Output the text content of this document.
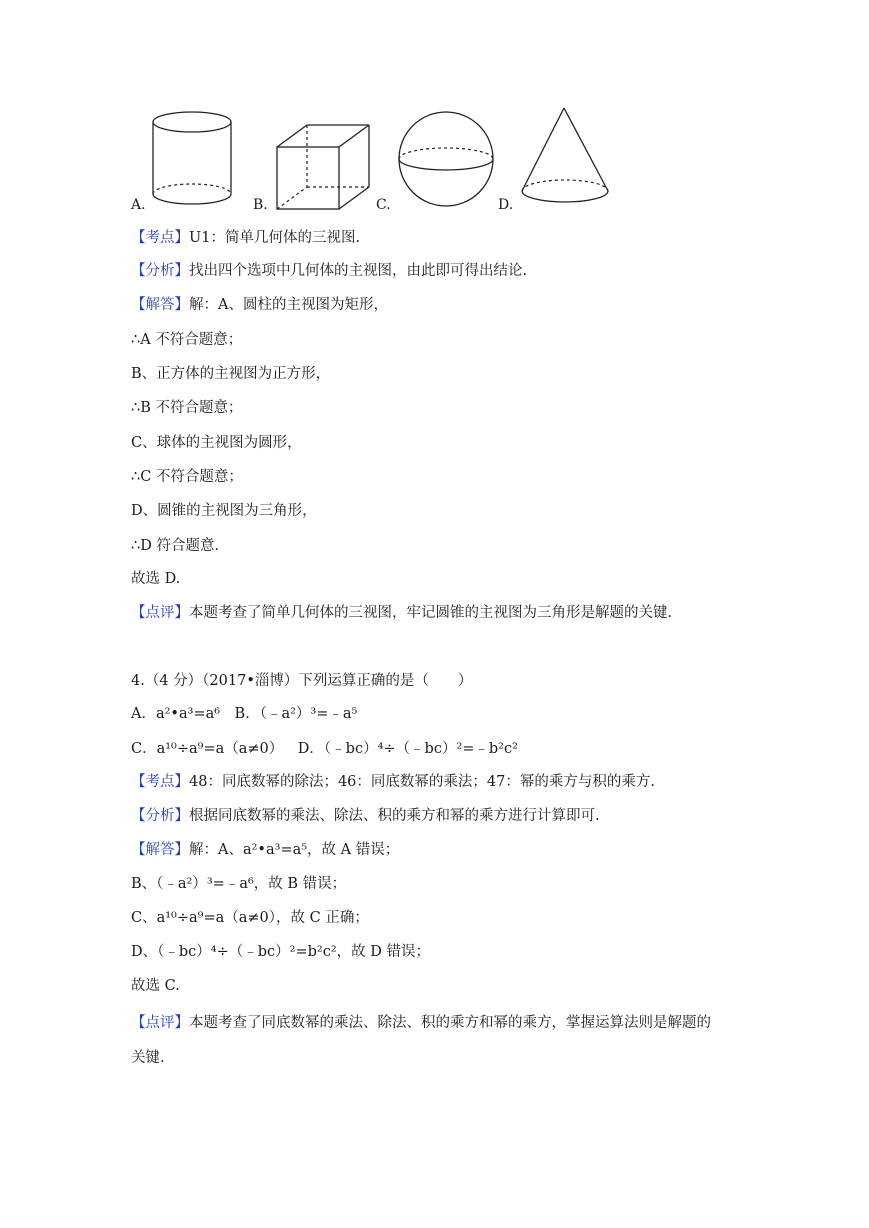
A.	B.	C.	D.
【考点】U1：简单几何体的三视图.
【分析】找出四个选项中几何体的主视图，由此即可得出结论.
【解答】解：A、圆柱的主视图为矩形，
∴A 不符合题意；
B、正方体的主视图为正方形，
∴B 不符合题意；
C、球体的主视图为圆形，
∴C 不符合题意；
D、圆锥的主视图为三角形，
∴D 符合题意.
故选 D.
【点评】本题考查了简单几何体的三视图，牢记圆锥的主视图为三角形是解题的关键.
4.（4 分）（2017•淄博）下列运算正确的是（　　）
A．a²•a³=a⁶  B．（﹣a²）³=﹣a⁵
C．a¹⁰÷a⁹=a（a≠0）  D．（﹣bc）⁴÷（﹣bc）²=﹣b²c²
【考点】48：同底数幂的除法；46：同底数幂的乘法；47：幂的乘方与积的乘方.
【分析】根据同底数幂的乘法、除法、积的乘方和幂的乘方进行计算即可.
【解答】解：A、a²•a³=a⁵，故 A 错误；
B、（﹣a²）³=﹣a⁶，故 B 错误；
C、a¹⁰÷a⁹=a（a≠0），故 C 正确；
D、（﹣bc）⁴÷（﹣bc）²=b²c²，故 D 错误；
故选 C.
【点评】本题考查了同底数幂的乘法、除法、积的乘方和幂的乘方，掌握运算法则是解题的
关键.
